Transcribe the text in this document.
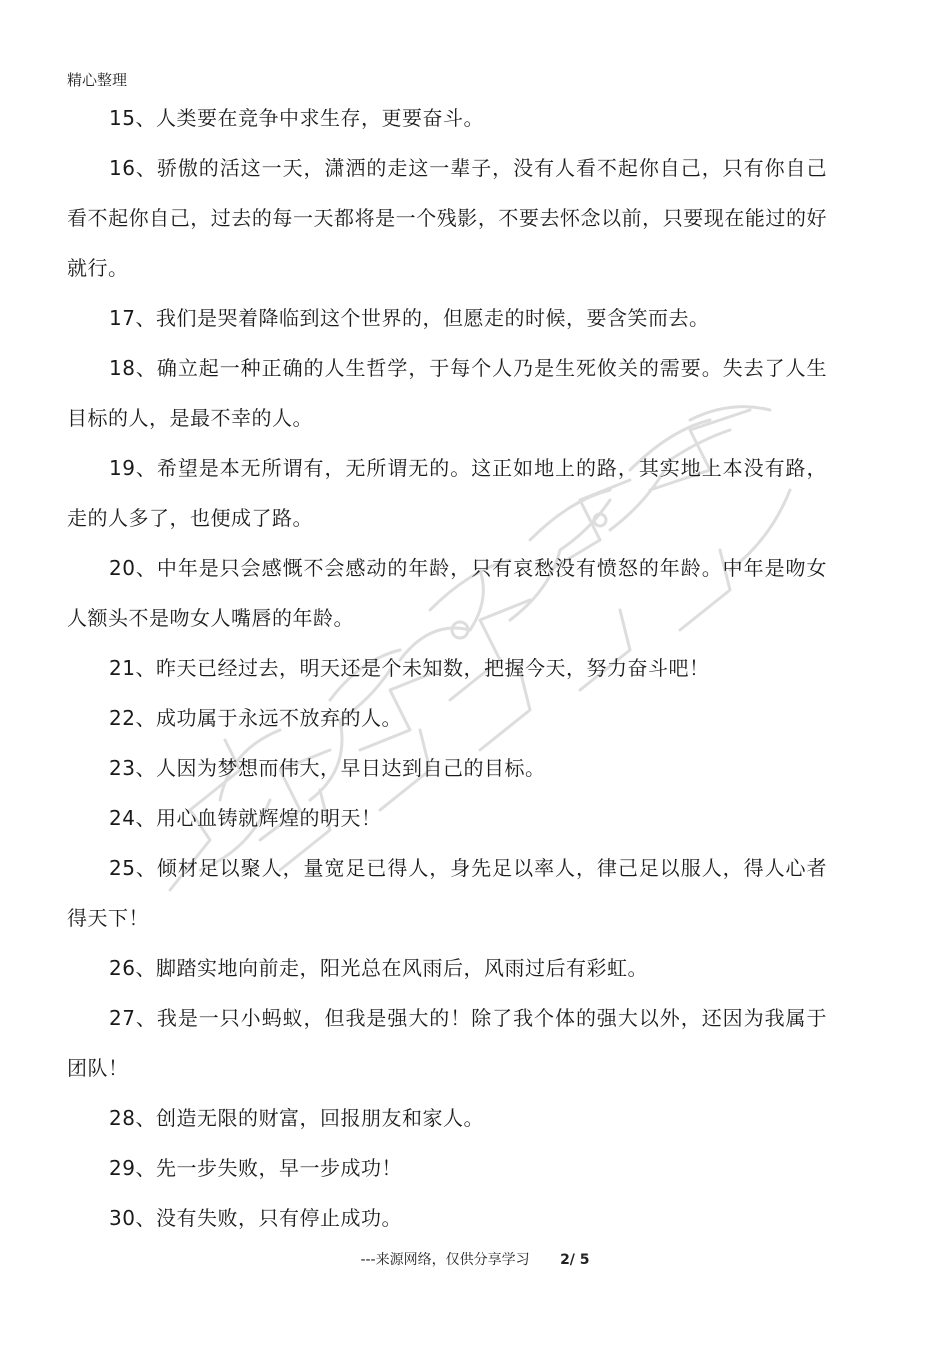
精心整理

15、人类要在竞争中求生存，更要奋斗。

16、骄傲的活这一天，潇洒的走这一辈子，没有人看不起你自己，只有你自己看不起你自己，过去的每一天都将是一个残影，不要去怀念以前，只要现在能过的好就行。

17、我们是哭着降临到这个世界的，但愿走的时候，要含笑而去。

18、确立起一种正确的人生哲学，于每个人乃是生死攸关的需要。失去了人生目标的人，是最不幸的人。

19、希望是本无所谓有，无所谓无的。这正如地上的路，其实地上本没有路，走的人多了，也便成了路。

20、中年是只会感慨不会感动的年龄，只有哀愁没有愤怒的年龄。中年是吻女人额头不是吻女人嘴唇的年龄。

21、昨天已经过去，明天还是个未知数，把握今天，努力奋斗吧！

22、成功属于永远不放弃的人。

23、人因为梦想而伟大，早日达到自己的目标。

24、用心血铸就辉煌的明天！

25、倾材足以聚人，量宽足已得人，身先足以率人，律己足以服人，得人心者得天下！

26、脚踏实地向前走，阳光总在风雨后，风雨过后有彩虹。

27、我是一只小蚂蚁，但我是强大的！除了我个体的强大以外，还因为我属于团队！

28、创造无限的财富，回报朋友和家人。

29、先一步失败，早一步成功！

30、没有失败，只有停止成功。

---来源网络，仅供分享学习 2/ 5
